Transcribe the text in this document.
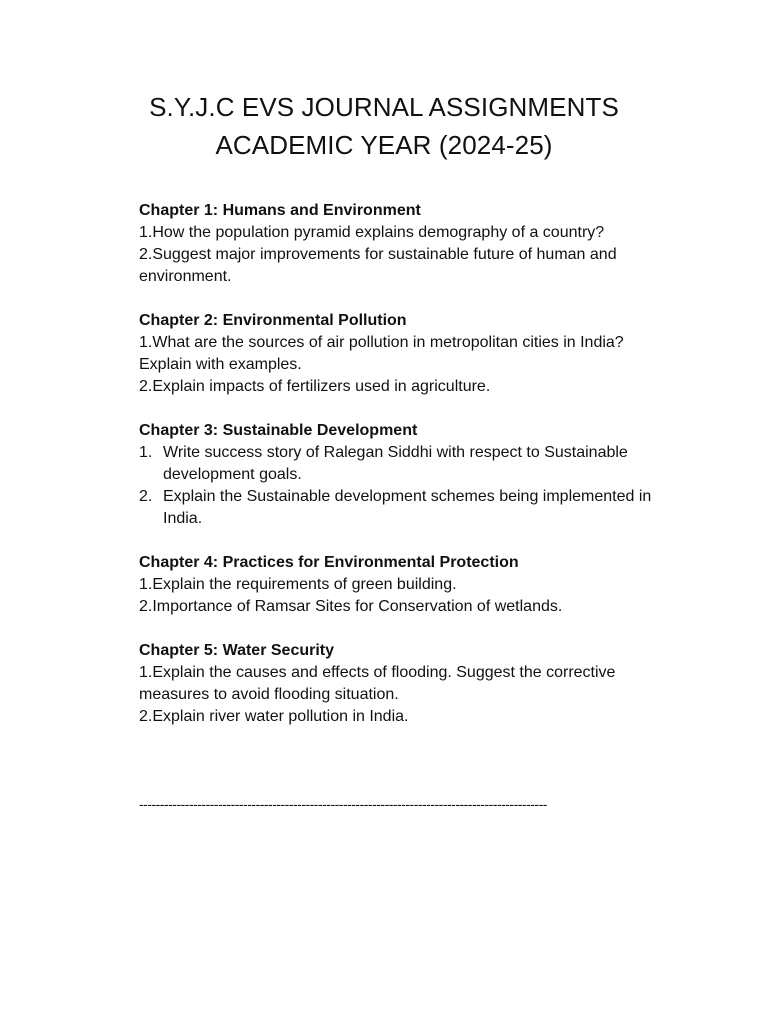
S.Y.J.C EVS JOURNAL ASSIGNMENTS
ACADEMIC YEAR (2024-25)
Chapter 1: Humans and Environment
1.How the population pyramid explains demography of a country?
2.Suggest major improvements for sustainable future of human and environment.
Chapter 2: Environmental Pollution
1.What are the sources of air pollution in metropolitan cities in India? Explain with examples.
2.Explain impacts of fertilizers used in agriculture.
Chapter 3: Sustainable Development
1. Write success story of Ralegan Siddhi with respect to Sustainable development goals.
2. Explain the Sustainable development schemes being implemented in India.
Chapter 4: Practices for Environmental Protection
1.Explain the requirements of green building.
2.Importance of Ramsar Sites for Conservation of wetlands.
Chapter 5: Water Security
1.Explain the causes and effects of flooding. Suggest the corrective measures to avoid flooding situation.
2.Explain river water pollution in India.
--------------------------------------------------------------------------------------------------
